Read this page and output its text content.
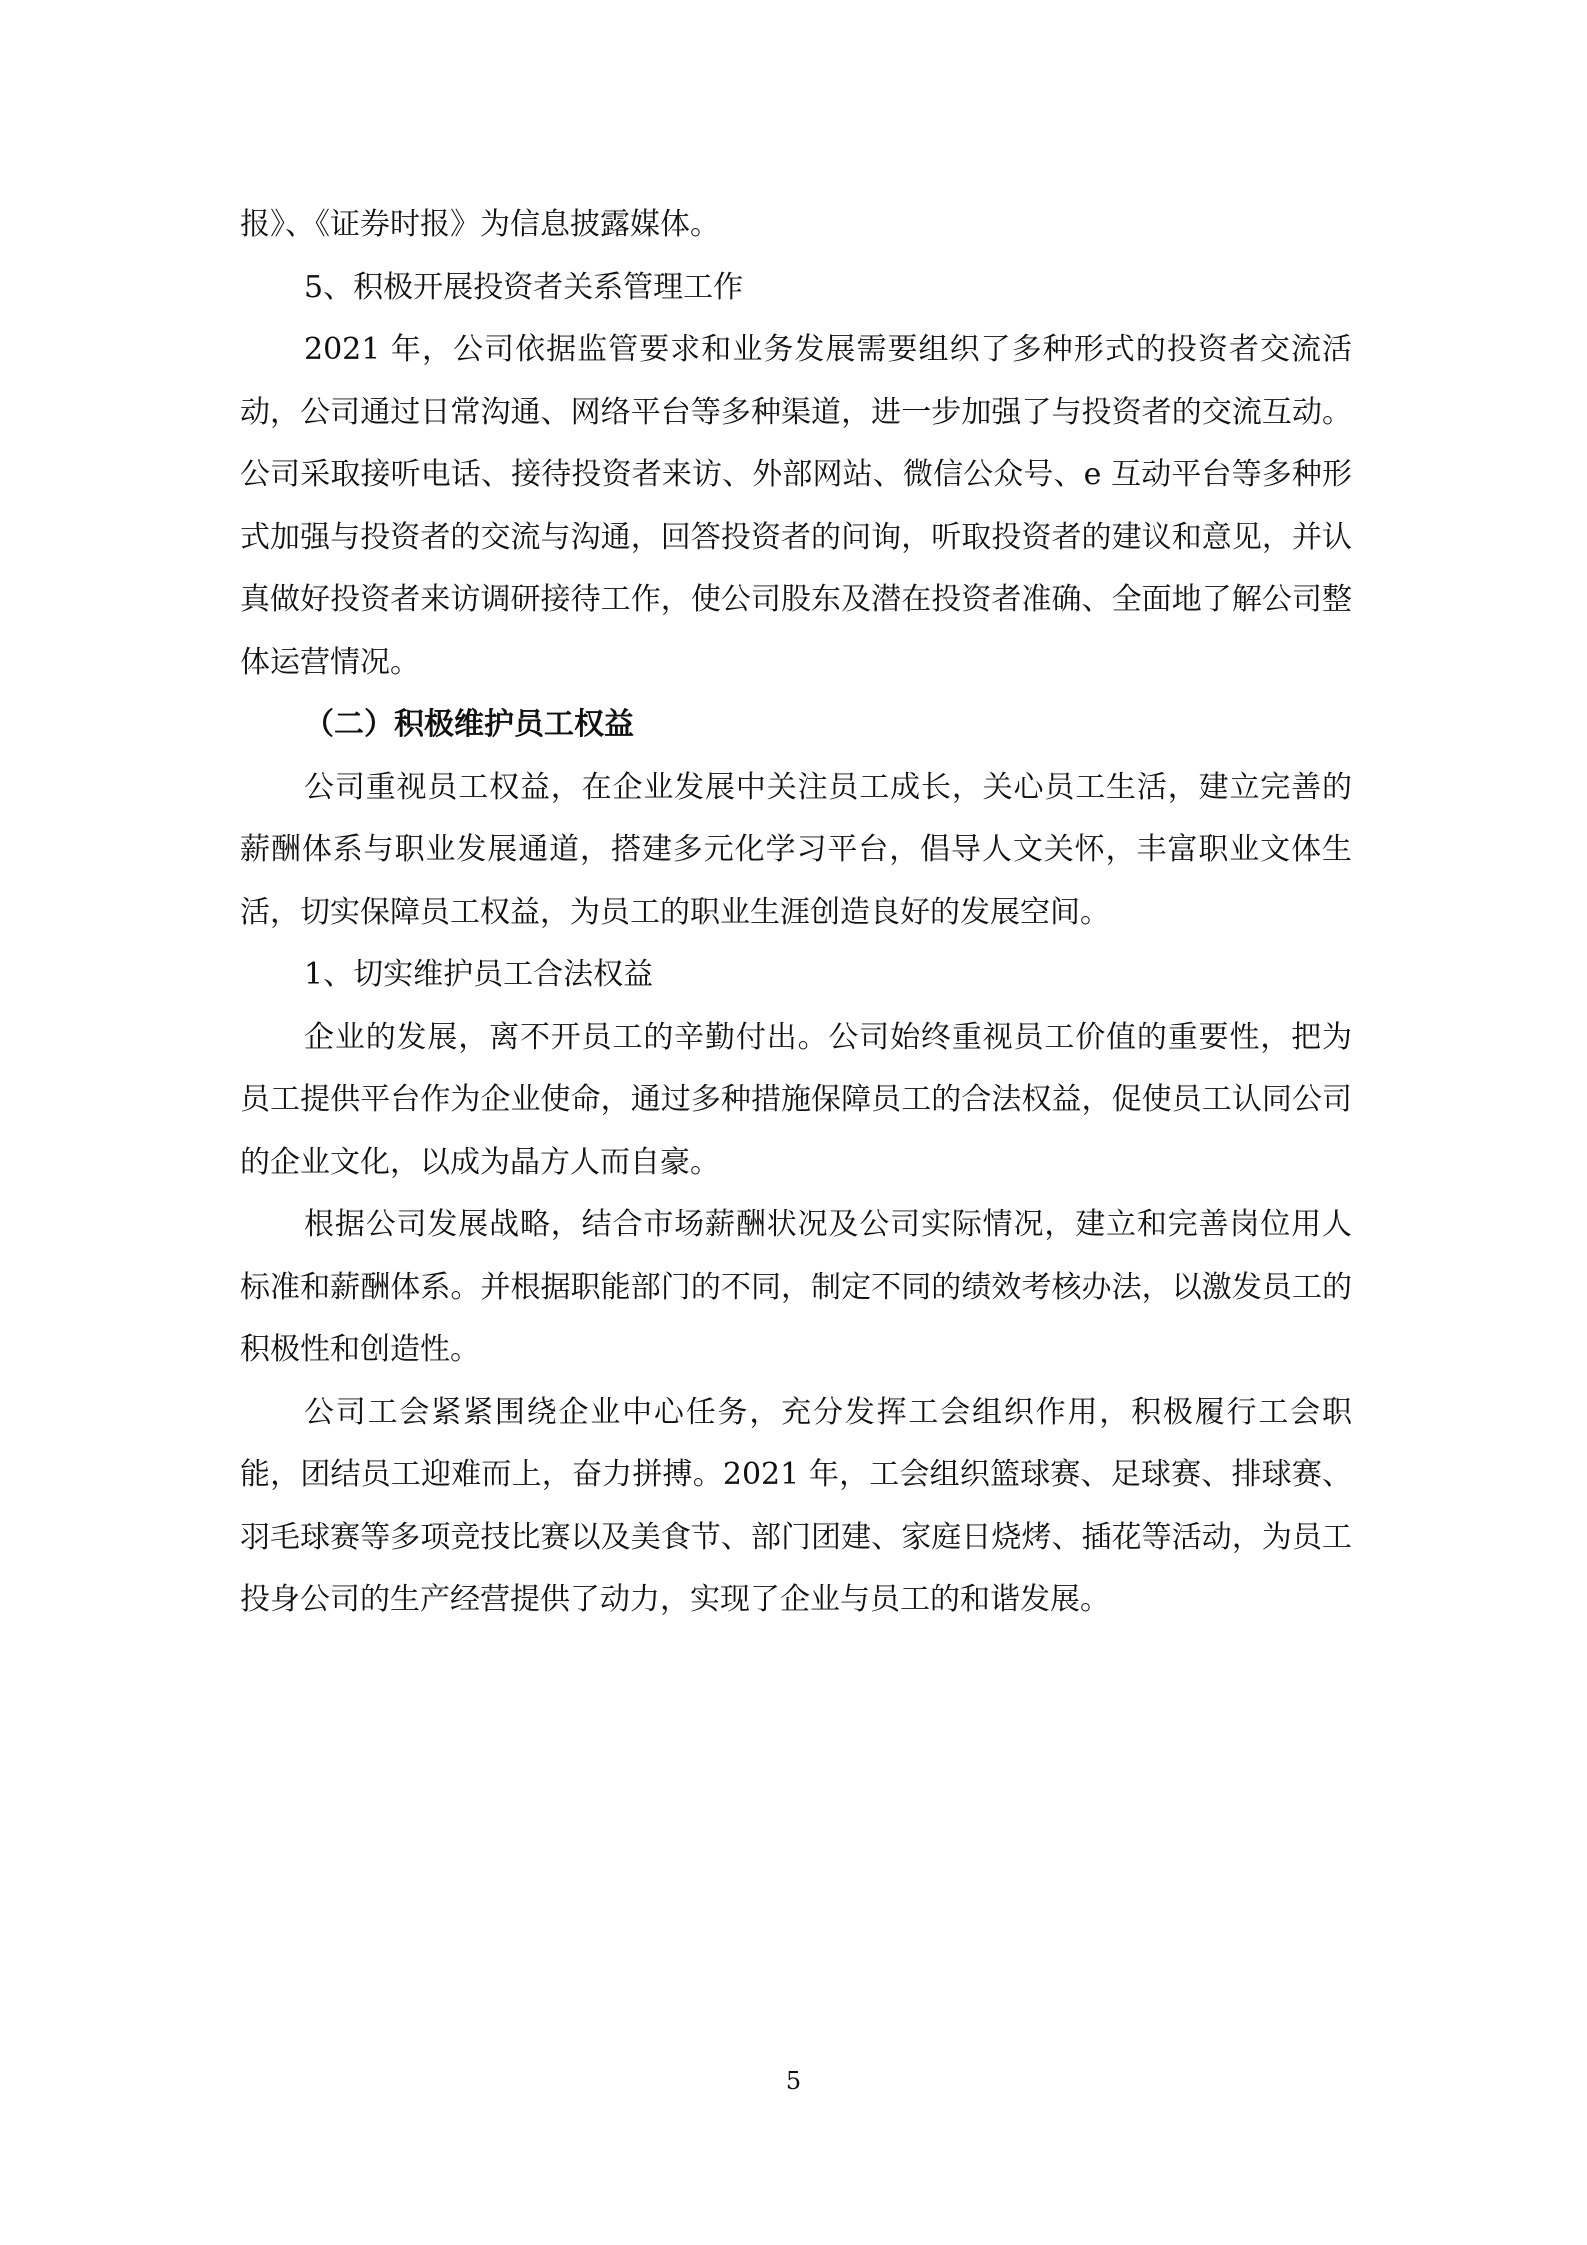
报》、《证券时报》为信息披露媒体。

5、积极开展投资者关系管理工作

2021 年，公司依据监管要求和业务发展需要组织了多种形式的投资者交流活动，公司通过日常沟通、网络平台等多种渠道，进一步加强了与投资者的交流互动。公司采取接听电话、接待投资者来访、外部网站、微信公众号、e 互动平台等多种形式加强与投资者的交流与沟通，回答投资者的问询，听取投资者的建议和意见，并认真做好投资者来访调研接待工作，使公司股东及潜在投资者准确、全面地了解公司整体运营情况。

（二）积极维护员工权益

公司重视员工权益，在企业发展中关注员工成长，关心员工生活，建立完善的薪酬体系与职业发展通道，搭建多元化学习平台，倡导人文关怀，丰富职业文体生活，切实保障员工权益，为员工的职业生涯创造良好的发展空间。

1、切实维护员工合法权益

企业的发展，离不开员工的辛勤付出。公司始终重视员工价值的重要性，把为员工提供平台作为企业使命，通过多种措施保障员工的合法权益，促使员工认同公司的企业文化，以成为晶方人而自豪。

根据公司发展战略，结合市场薪酬状况及公司实际情况，建立和完善岗位用人标准和薪酬体系。并根据职能部门的不同，制定不同的绩效考核办法，以激发员工的积极性和创造性。

公司工会紧紧围绕企业中心任务，充分发挥工会组织作用，积极履行工会职能，团结员工迎难而上，奋力拼搏。2021 年，工会组织篮球赛、足球赛、排球赛、羽毛球赛等多项竞技比赛以及美食节、部门团建、家庭日烧烤、插花等活动，为员工投身公司的生产经营提供了动力，实现了企业与员工的和谐发展。

5
